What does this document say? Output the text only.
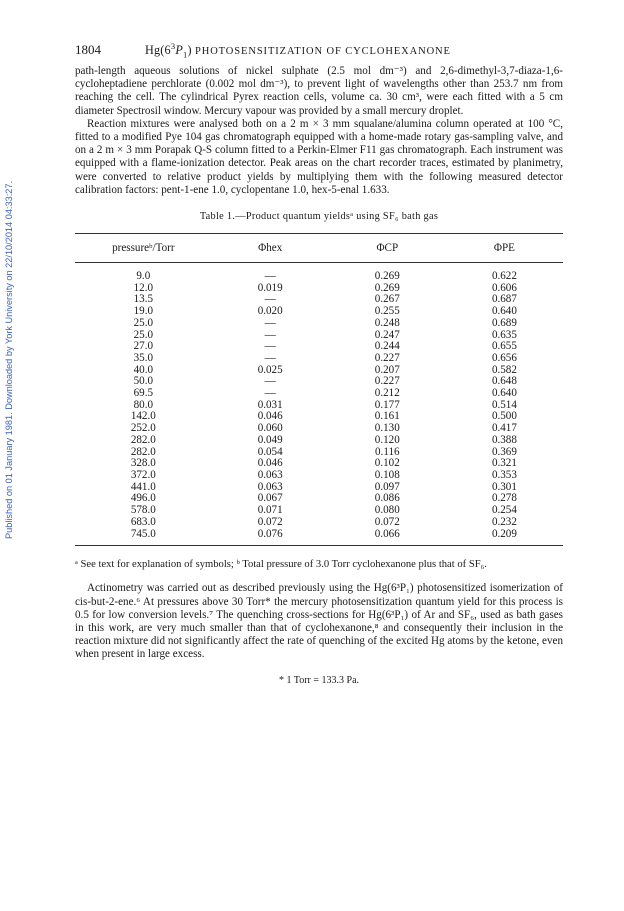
Published on 01 January 1981. Downloaded by York University on 22/10/2014 04:33:27.
1804	$Hg(6^3P_1)$ PHOTOSENSITIZATION OF CYCLOHEXANONE

path-length aqueous solutions of nickel sulphate (2.5 mol dm⁻³) and 2,6-dimethyl-3,7-diaza-1,6-cycloheptadiene perchlorate (0.002 mol dm⁻³), to prevent light of wavelengths other than 253.7 nm from reaching the cell. The cylindrical Pyrex reaction cells, volume ca. 30 cm³, were each fitted with a 5 cm diameter Spectrosil window. Mercury vapour was provided by a small mercury droplet.

Reaction mixtures were analysed both on a 2 m × 3 mm squalane/alumina column operated at 100 °C, fitted to a modified Pye 104 gas chromatograph equipped with a home-made rotary gas-sampling valve, and on a 2 m × 3 mm Porapak Q-S column fitted to a Perkin-Elmer F11 gas chromatograph. Each instrument was equipped with a flame-ionization detector. Peak areas on the chart recorder traces, estimated by planimetry, were converted to relative product yields by multiplying them with the following measured detector calibration factors: pent-1-ene 1.0, cyclopentane 1.0, hex-5-enal 1.633.

Table 1.—Product quantum yieldsᵃ using SF₆ bath gas
pressureᵇ/Torr	Φhex	ΦCP	ΦPE
9.0	—	0.269	0.622
12.0	0.019	0.269	0.606
13.5	—	0.267	0.687
19.0	0.020	0.255	0.640
25.0	—	0.248	0.689
25.0	—	0.247	0.635
27.0	—	0.244	0.655
35.0	—	0.227	0.656
40.0	0.025	0.207	0.582
50.0	—	0.227	0.648
69.5	—	0.212	0.640
80.0	0.031	0.177	0.514
142.0	0.046	0.161	0.500
252.0	0.060	0.130	0.417
282.0	0.049	0.120	0.388
282.0	0.054	0.116	0.369
328.0	0.046	0.102	0.321
372.0	0.063	0.108	0.353
441.0	0.063	0.097	0.301
496.0	0.067	0.086	0.278
578.0	0.071	0.080	0.254
683.0	0.072	0.072	0.232
745.0	0.076	0.066	0.209
ᵃ See text for explanation of symbols; ᵇ Total pressure of 3.0 Torr cyclohexanone plus that of SF₆.

Actinometry was carried out as described previously using the Hg(6³P₁) photosensitized isomerization of cis-but-2-ene.⁶ At pressures above 30 Torr* the mercury photosensitization quantum yield for this process is 0.5 for low conversion levels.⁷ The quenching cross-sections for Hg(6³P₁) of Ar and SF₆, used as bath gases in this work, are very much smaller than that of cyclohexanone,⁸ and consequently their inclusion in the reaction mixture did not significantly affect the rate of quenching of the excited Hg atoms by the ketone, even when present in large excess.

* 1 Torr = 133.3 Pa.
